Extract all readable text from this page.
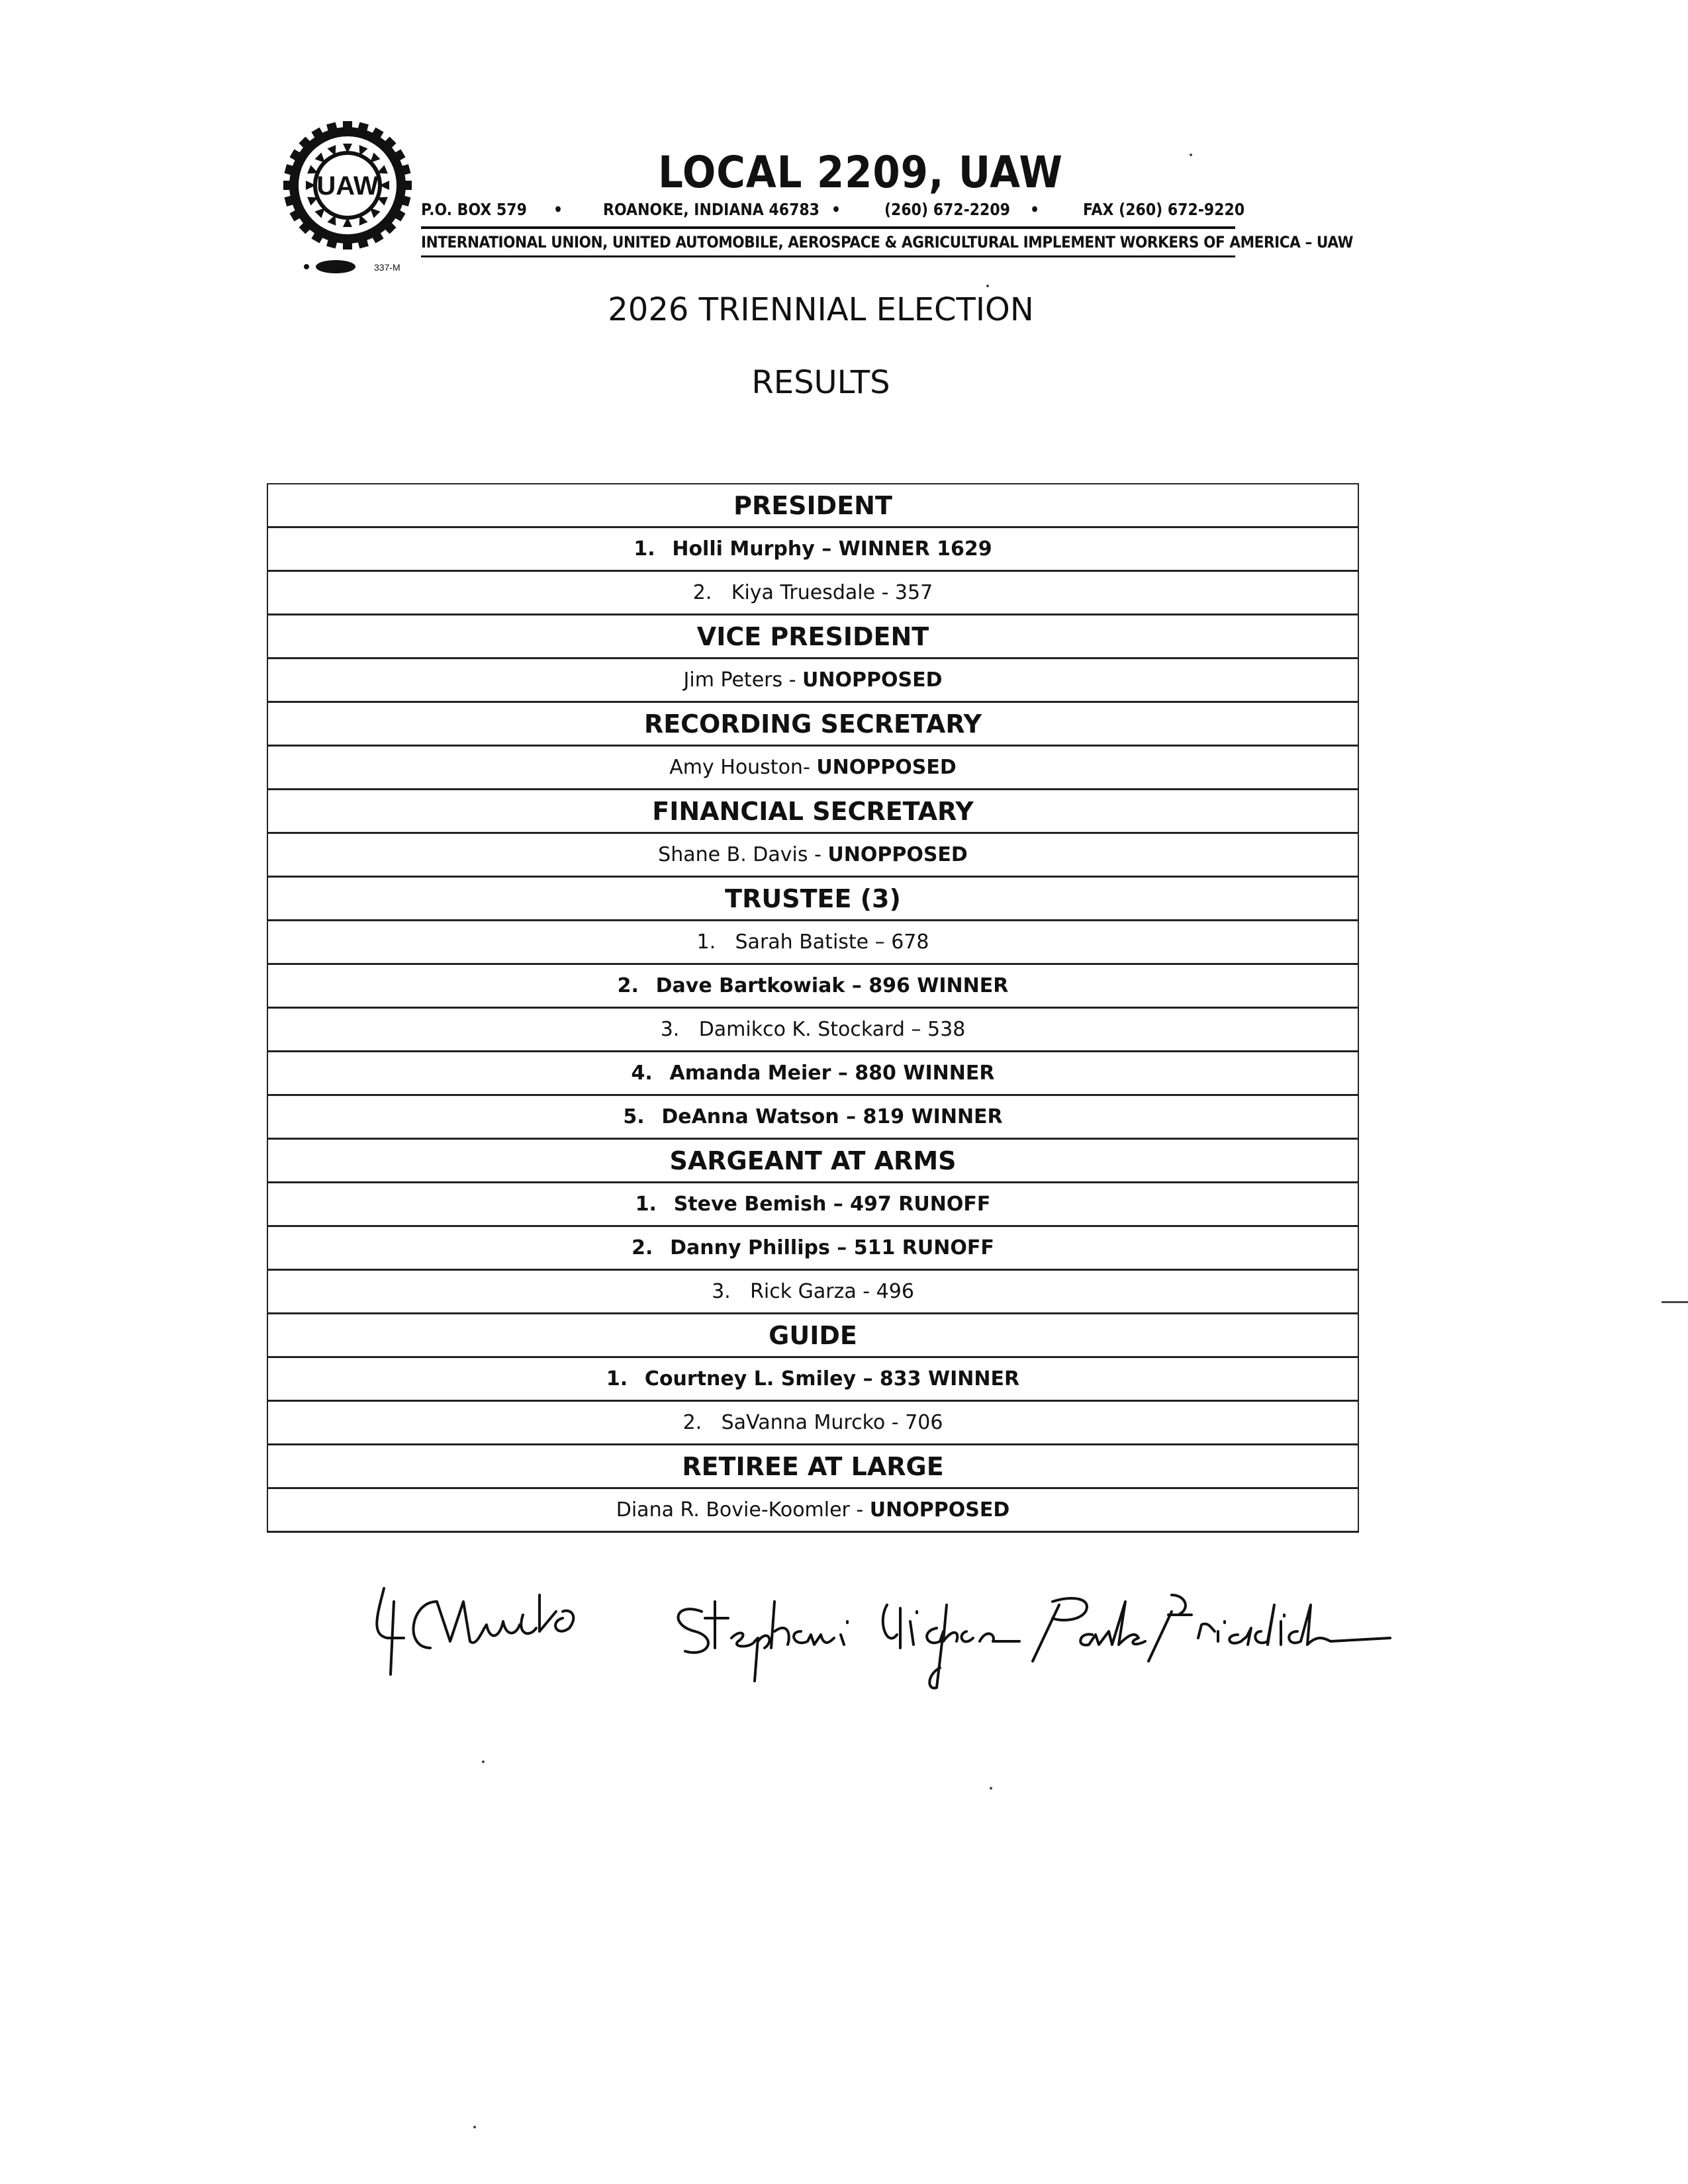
UAW
337-M
LOCAL 2209, UAW
P.O. BOX 579 • ROANOKE, INDIANA 46783 •	(260) 672-2209 •	FAX (260) 672-9220
INTERNATIONAL UNION, UNITED AUTOMOBILE, AEROSPACE & AGRICULTURAL IMPLEMENT WORKERS OF AMERICA – UAW
2026 TRIENNIAL ELECTION
RESULTS
PRESIDENT
1. Holli Murphy – WINNER 1629
2. Kiya Truesdale - 357
VICE PRESIDENT
Jim Peters - UNOPPOSED
RECORDING SECRETARY
Amy Houston- UNOPPOSED
FINANCIAL SECRETARY
Shane B. Davis - UNOPPOSED
TRUSTEE (3)
1. Sarah Batiste – 678
2. Dave Bartkowiak – 896 WINNER
3. Damikco K. Stockard – 538
4. Amanda Meier – 880 WINNER
5. DeAnna Watson – 819 WINNER
SARGEANT AT ARMS
1. Steve Bemish – 497 RUNOFF
2. Danny Phillips – 511 RUNOFF
3. Rick Garza - 496
GUIDE
1. Courtney L. Smiley – 833 WINNER
2. SaVanna Murcko - 706
RETIREE AT LARGE
Diana R. Bovie-Koomler - UNOPPOSED
